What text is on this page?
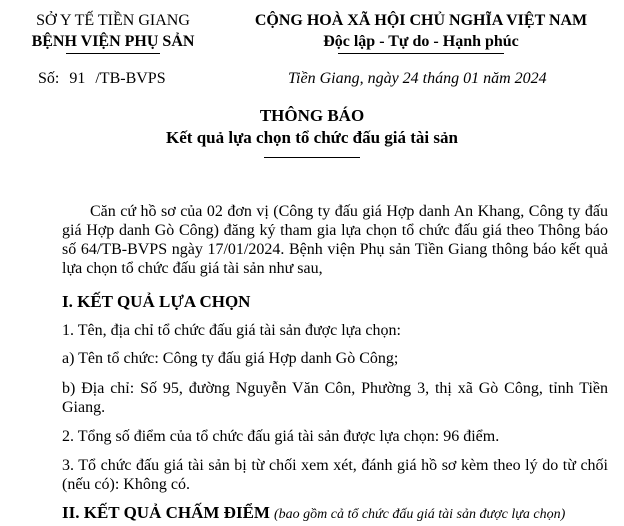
SỞ Y TẾ TIỀN GIANG
BỆNH VIỆN PHỤ SẢN
CỘNG HOÀ XÃ HỘI CHỦ NGHĨA VIỆT NAM
Độc lập - Tự do - Hạnh phúc
Số: 91 /TB-BVPS	Tiền Giang, ngày 24 tháng 01 năm 2024
THÔNG BÁO
Kết quả lựa chọn tổ chức đấu giá tài sản
Căn cứ hồ sơ của 02 đơn vị (Công ty đấu giá Hợp danh An Khang, Công ty đấu giá Hợp danh Gò Công) đăng ký tham gia lựa chọn tổ chức đấu giá theo Thông báo số 64/TB-BVPS ngày 17/01/2024. Bệnh viện Phụ sản Tiền Giang thông báo kết quả lựa chọn tổ chức đấu giá tài sản như sau,
I. KẾT QUẢ LỰA CHỌN
1. Tên, địa chỉ tổ chức đấu giá tài sản được lựa chọn:
a) Tên tổ chức: Công ty đấu giá Hợp danh Gò Công;
b) Địa chỉ: Số 95, đường Nguyễn Văn Côn, Phường 3, thị xã Gò Công, tỉnh Tiền Giang.
2. Tổng số điểm của tổ chức đấu giá tài sản được lựa chọn: 96 điểm.
3. Tổ chức đấu giá tài sản bị từ chối xem xét, đánh giá hồ sơ kèm theo lý do từ chối (nếu có): Không có.
II. KẾT QUẢ CHẤM ĐIỂM (bao gồm cả tổ chức đấu giá tài sản được lựa chọn)
